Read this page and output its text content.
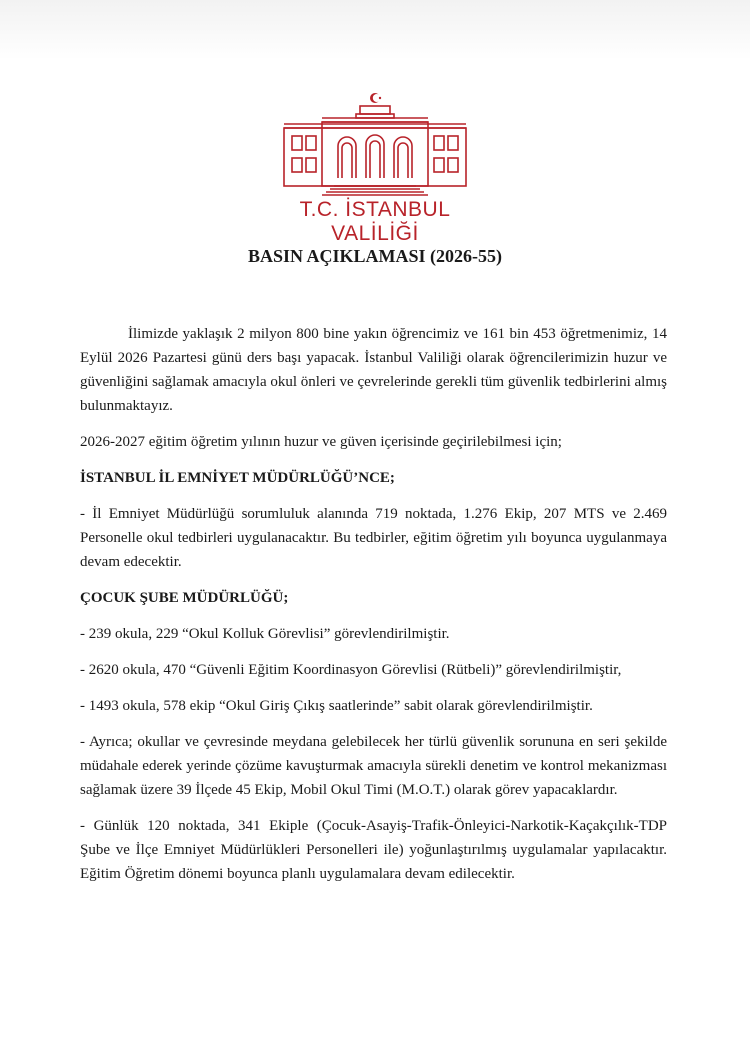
T.C. İSTANBUL VALİLİĞİ
BASIN AÇIKLAMASI (2026-55)

İlimizde yaklaşık 2 milyon 800 bine yakın öğrencimiz ve 161 bin 453 öğretmenimiz, 14 Eylül 2026 Pazartesi günü ders başı yapacak. İstanbul Valiliği olarak öğrencilerimizin huzur ve güvenliğini sağlamak amacıyla okul önleri ve çevrelerinde gerekli tüm güvenlik tedbirlerini almış bulunmaktayız.

2026-2027 eğitim öğretim yılının huzur ve güven içerisinde geçirilebilmesi için;

İSTANBUL İL EMNİYET MÜDÜRLÜĞÜ’NCE;

- İl Emniyet Müdürlüğü sorumluluk alanında 719 noktada, 1.276 Ekip, 207 MTS ve 2.469 Personelle okul tedbirleri uygulanacaktır. Bu tedbirler, eğitim öğretim yılı boyunca uygulanmaya devam edecektir.

ÇOCUK ŞUBE MÜDÜRLÜĞÜ;

- 239 okula, 229 “Okul Kolluk Görevlisi” görevlendirilmiştir.

- 2620 okula, 470 “Güvenli Eğitim Koordinasyon Görevlisi (Rütbeli)” görevlendirilmiştir,

- 1493 okula, 578 ekip “Okul Giriş Çıkış saatlerinde” sabit olarak görevlendirilmiştir.

- Ayrıca; okullar ve çevresinde meydana gelebilecek her türlü güvenlik sorununa en seri şekilde müdahale ederek yerinde çözüme kavuşturmak amacıyla sürekli denetim ve kontrol mekanizması sağlamak üzere 39 İlçede 45 Ekip, Mobil Okul Timi (M.O.T.) olarak görev yapacaklardır.

- Günlük 120 noktada, 341 Ekiple (Çocuk-Asayiş-Trafik-Önleyici-Narkotik-Kaçakçılık-TDP Şube ve İlçe Emniyet Müdürlükleri Personelleri ile) yoğunlaştırılmış uygulamalar yapılacaktır. Eğitim Öğretim dönemi boyunca planlı uygulamalara devam edilecektir.
